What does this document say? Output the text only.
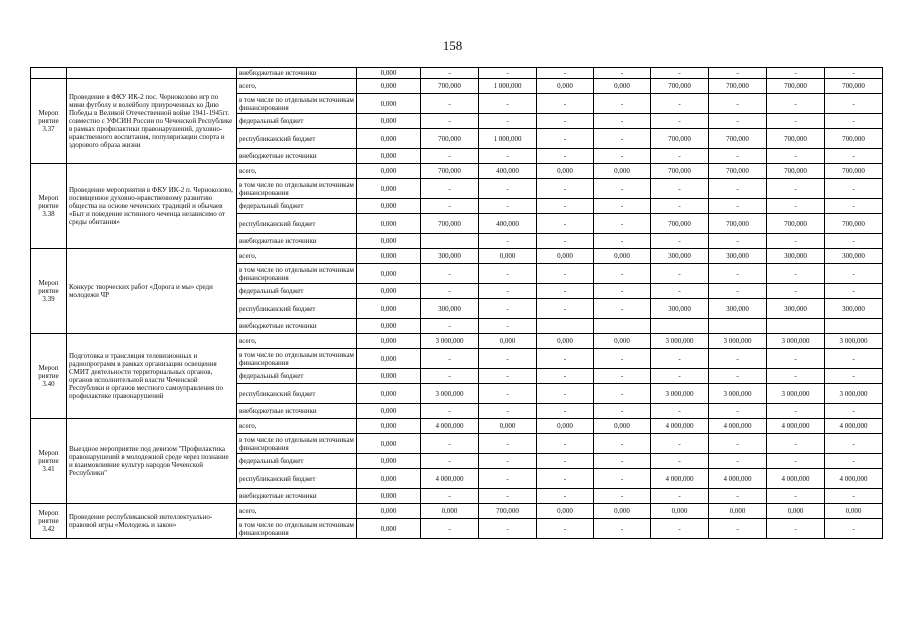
158
		внебюджетные источники	0,000	-	-	-	-	-	-	-	-
Мероп риятие 3.37	Проведение в ФКУ ИК-2 пос. Чернокозово игр по мини футболу и волейболу приуроченных ко Дню Победы в Великой Отечественной войне 1941-1945гг. совместно с УФСИН России по Чеченской Республике в рамках профилактики правонарушений, духовно-нравственного воспитания, популяризации спорта и здорового образа жизни	всего,	0,000	700,000	1 000,000	0,000	0,000	700,000	700,000	700,000	700,000
		в том числе по отдельным источникам финансирования	0,000	-	-	-	-	-	-	-	-
		федеральный бюджет	0,000	-	-	-	-	-	-	-	-
		республиканский бюджет	0,000	700,000	1 000,000	-	-	700,000	700,000	700,000	700,000
		внебюджетные источники	0,000	-	-	-	-	-	-	-	-
Мероп риятие 3.38	Проведение мероприятия в ФКУ ИК-2 п. Чернокозово, посвященное духовно-нравственному развитию общества на основе чеченских традиций и обычаев «Быт и поведение истинного чеченца независимо от среды обитания»	всего,	0,000	700,000	400,000	0,000	0,000	700,000	700,000	700,000	700,000
		в том числе по отдельным источникам финансирования	0,000	-	-	-	-	-	-	-	-
		федеральный бюджет	0,000	-	-	-	-	-	-	-	-
		республиканский бюджет	0,000	700,000	400,000	-	-	700,000	700,000	700,000	700,000
		внебюджетные источники	0,000		-	-	-	-	-	-	-
Мероп риятие 3.39	Конкурс творческих работ «Дорога и мы» среди молодежи ЧР	всего,	0,000	300,000	0,000	0,000	0,000	300,000	300,000	300,000	300,000
		в том числе по отдельным источникам финансирования	0,000	-	-	-	-	-	-	-	-
		федеральный бюджет	0,000	-	-	-	-	-	-	-	-
		республиканский бюджет	0,000	300,000	-	-	-	300,000	300,000	300,000	300,000
		внебюджетные источники	0,000	-	-						
Мероп риятие 3.40	Подготовка и трансляция телевизионных и радиопрограмм в рамках организации освещения СМИТ деятельности территориальных органов, органов исполнительной власти Чеченской Республики и органов местного самоуправления по профилактике правонарушений	всего,	0,000	3 000,000	0,000	0,000	0,000	3 000,000	3 000,000	3 000,000	3 000,000
		в том числе по отдельным источникам финансирования	0,000	-	-	-	-	-	-	-	-
		федеральный бюджет	0,000	-	-	-	-	-	-	-	-
		республиканский бюджет	0,000	3 000,000	-	-	-	3 000,000	3 000,000	3 000,000	3 000,000
		внебюджетные источники	0,000	-	-	-	-	-	-	-	-
Мероп риятие 3.41	Выездное мероприятие под девизом "Профилактика правонарушений в молодежной среде через познание и взаимовлияние культур народов Чеченской Республики"	всего,	0,000	4 000,000	0,000	0,000	0,000	4 000,000	4 000,000	4 000,000	4 000,000
		в том числе по отдельным источникам финансирования	0,000	-	-	-	-	-	-	-	-
		федеральный бюджет	0,000	-	-	-	-	-	-	-	-
		республиканский бюджет	0,000	4 000,000	-	-	-	4 000,000	4 000,000	4 000,000	4 000,000
		внебюджетные источники	0,000	-	-	-	-	-	-	-	-
Мероп риятие 3.42	Проведение республиканской интеллектуально-правовой игры «Молодежь и закон»	всего,	0,000	0,000	700,000	0,000	0,000	0,000	0,000	0,000	0,000
		в том числе по отдельным источникам финансирования	0,000	-	-	-	-	-	-	-	-
